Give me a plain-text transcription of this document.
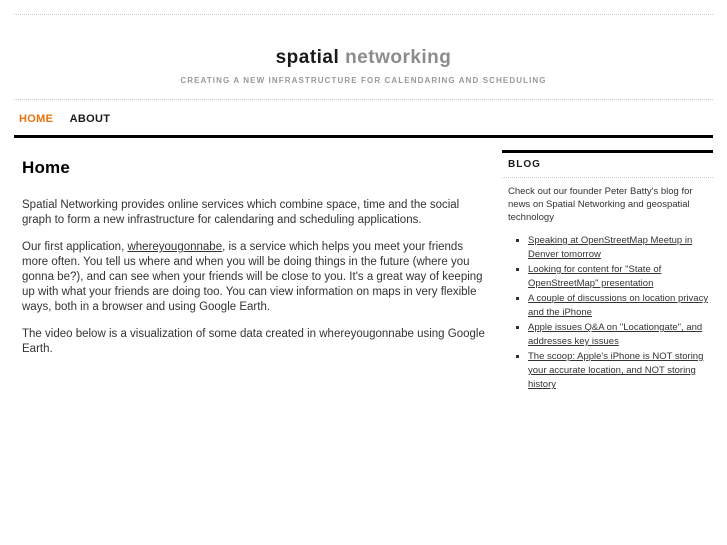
spatial networking
CREATING A NEW INFRASTRUCTURE FOR CALENDARING AND SCHEDULING
HOME ABOUT
Home

Spatial Networking provides online services which combine space, time and the social graph to form a new infrastructure for calendaring and scheduling applications.

Our first application, whereyougonnabe, is a service which helps you meet your friends more often. You tell us where and when you will be doing things in the future (where you gonna be?), and can see when your friends will be close to you. It's a great way of keeping up with what your friends are doing too. You can view information on maps in very flexible ways, both in a browser and using Google Earth.

The video below is a visualization of some data created in whereyougonnabe using Google Earth.

BLOG
Check out our founder Peter Batty's blog for news on Spatial Networking and geospatial technology
▪ Speaking at OpenStreetMap Meetup in Denver tomorrow
▪ Looking for content for "State of OpenStreetMap" presentation
▪ A couple of discussions on location privacy and the iPhone
▪ Apple issues Q&A on "Locationgate", and addresses key issues
▪ The scoop: Apple's iPhone is NOT storing your accurate location, and NOT storing history
